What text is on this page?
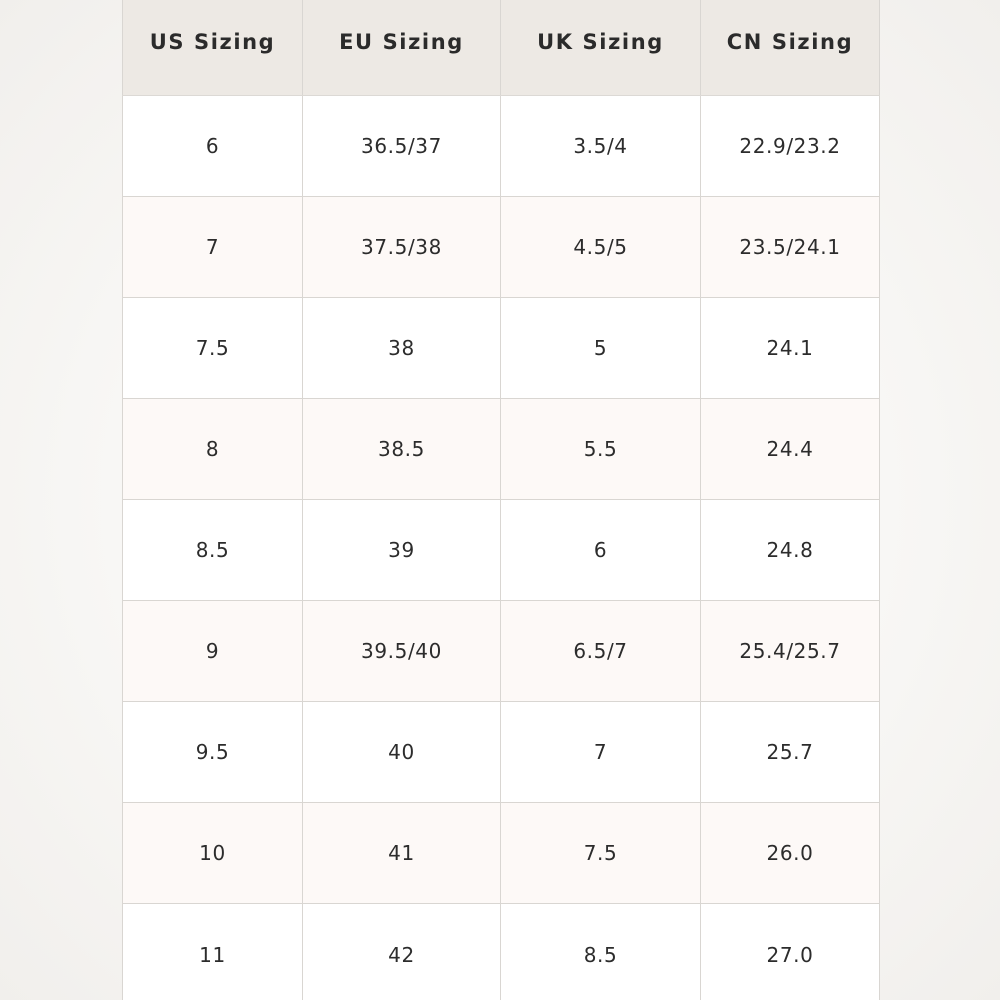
US Sizing	EU Sizing	UK Sizing	CN Sizing
6	36.5/37	3.5/4	22.9/23.2
7	37.5/38	4.5/5	23.5/24.1
7.5	38	5	24.1
8	38.5	5.5	24.4
8.5	39	6	24.8
9	39.5/40	6.5/7	25.4/25.7
9.5	40	7	25.7
10	41	7.5	26.0
11	42	8.5	27.0
